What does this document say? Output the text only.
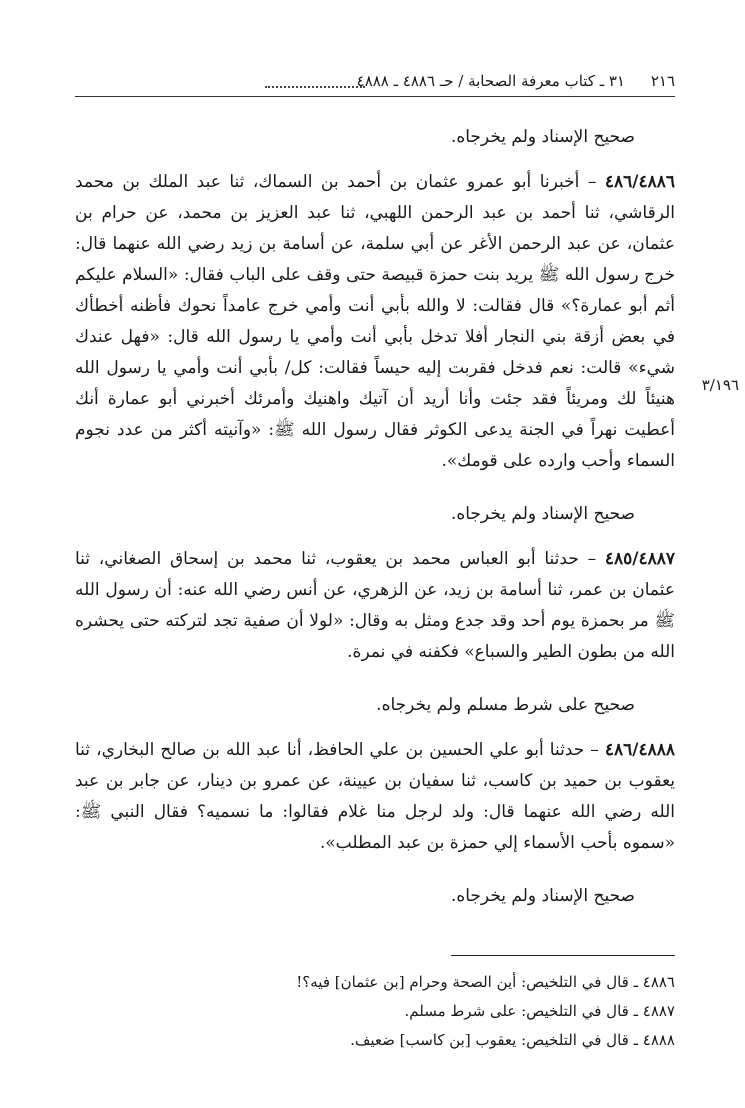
٢١٦
٣١ ـ كتاب معرفة الصحابة / حـ ٤٨٨٦ ـ ٤٨٨٨

صحيح الإسناد ولم يخرجاه.

٤٨٦/٤٨٨٦ – أخبرنا أبو عمرو عثمان بن أحمد بن السماك، ثنا عبد الملك بن محمد الرقاشي، ثنا أحمد بن عبد الرحمن اللهبي، ثنا عبد العزيز بن محمد، عن حرام بن عثمان، عن عبد الرحمن الأغر عن أبي سلمة، عن أسامة بن زيد رضي الله عنهما قال: خرج رسول الله ﷺ يريد بنت حمزة قبيصة حتى وقف على الباب فقال: «السلام عليكم أثم أبو عمارة؟» قال فقالت: لا والله بأبي أنت وأمي خرج عامداً نحوك فأظنه أخطأك في بعض أزقة بني النجار أفلا تدخل بأبي أنت وأمي يا رسول الله قال: «فهل عندك شيء» قالت: نعم فدخل فقربت إليه حيساً فقالت: كل/ بأبي أنت وأمي يا رسول الله هنيئاً لك ومريئاً فقد جئت وأنا أريد أن آتيك واهنيك وأمرئك أخبرني أبو عمارة أنك أعطيت نهراً في الجنة يدعى الكوثر فقال رسول الله ﷺ: «وآنيته أكثر من عدد نجوم السماء وأحب وارده على قومك».

صحيح الإسناد ولم يخرجاه.

٤٨٥/٤٨٨٧ – حدثنا أبو العباس محمد بن يعقوب، ثنا محمد بن إسحاق الصغاني، ثنا عثمان بن عمر، ثنا أسامة بن زيد، عن الزهري، عن أنس رضي الله عنه: أن رسول الله ﷺ مر بحمزة يوم أحد وقد جدع ومثل به وقال: «لولا أن صفية تجد لتركته حتى يحشره الله من بطون الطير والسباع» فكفنه في نمرة.

صحيح على شرط مسلم ولم يخرجاه.

٤٨٦/٤٨٨٨ – حدثنا أبو علي الحسين بن علي الحافظ، أنا عبد الله بن صالح البخاري، ثنا يعقوب بن حميد بن كاسب، ثنا سفيان بن عيينة، عن عمرو بن دينار، عن جابر بن عبد الله رضي الله عنهما قال: ولد لرجل منا غلام فقالوا: ما نسميه؟ فقال النبي ﷺ: «سموه بأحب الأسماء إلي حمزة بن عبد المطلب».

صحيح الإسناد ولم يخرجاه.

٣/١٩٦
٤٨٨٦ ـ قال في التلخيص: أين الصحة وحرام [بن عثمان] فيه؟!
٤٨٨٧ ـ قال في التلخيص: على شرط مسلم.
٤٨٨٨ ـ قال في التلخيص: يعقوب [بن كاسب] ضعيف.
